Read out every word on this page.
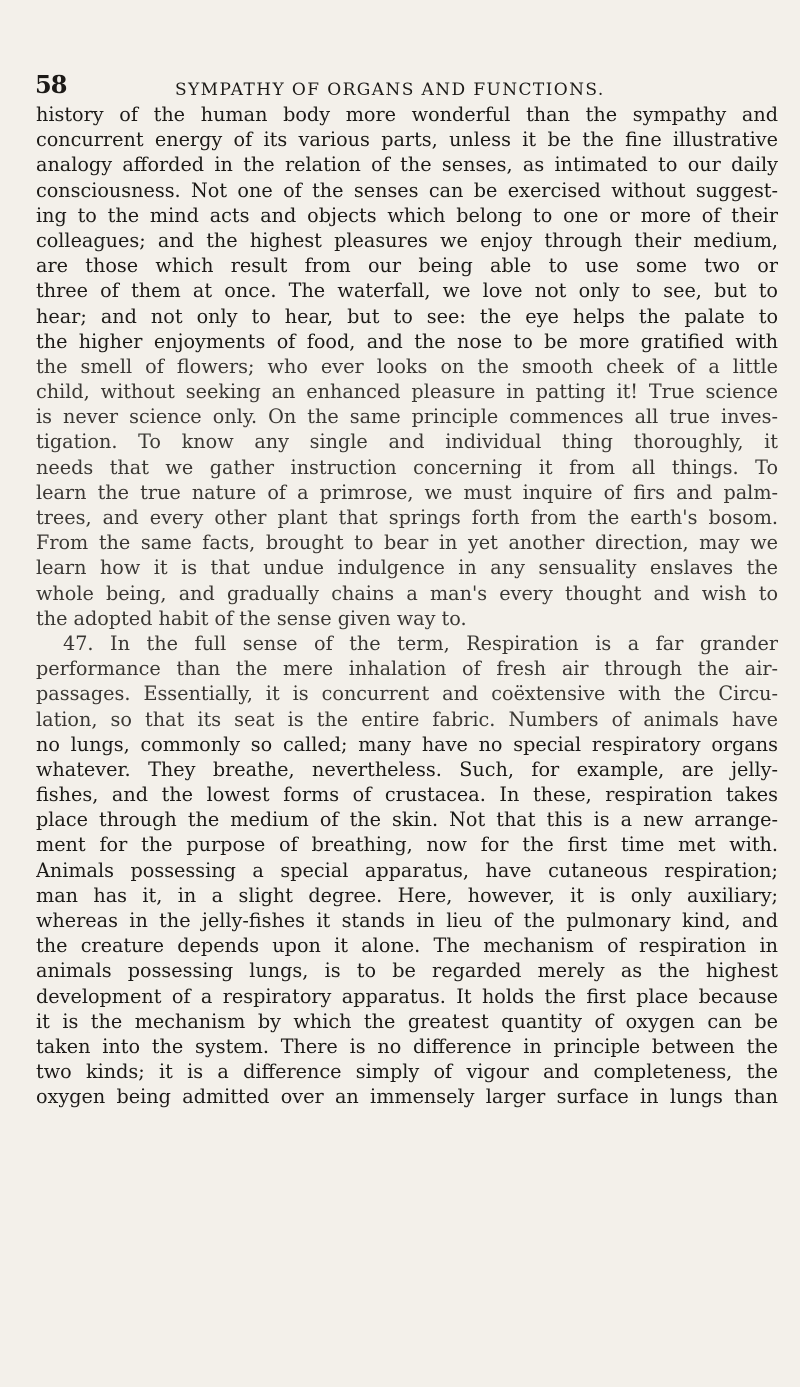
58	SYMPATHY OF ORGANS AND FUNCTIONS.
history of the human body more wonderful than the sympathy and
concurrent energy of its various parts, unless it be the fine illustrative
analogy afforded in the relation of the senses, as intimated to our daily
consciousness. Not one of the senses can be exercised without suggest-
ing to the mind acts and objects which belong to one or more of their
colleagues; and the highest pleasures we enjoy through their medium,
are those which result from our being able to use some two or
three of them at once. The waterfall, we love not only to see, but to
hear; and not only to hear, but to see: the eye helps the palate to
the higher enjoyments of food, and the nose to be more gratified with
the smell of flowers; who ever looks on the smooth cheek of a little
child, without seeking an enhanced pleasure in patting it! True science
is never science only. On the same principle commences all true inves-
tigation. To know any single and individual thing thoroughly, it
needs that we gather instruction concerning it from all things. To
learn the true nature of a primrose, we must inquire of firs and palm-
trees, and every other plant that springs forth from the earth's bosom.
From the same facts, brought to bear in yet another direction, may we
learn how it is that undue indulgence in any sensuality enslaves the
whole being, and gradually chains a man's every thought and wish to
the adopted habit of the sense given way to.
47. In the full sense of the term, Respiration is a far grander
performance than the mere inhalation of fresh air through the air-
passages. Essentially, it is concurrent and coëxtensive with the Circu-
lation, so that its seat is the entire fabric. Numbers of animals have
no lungs, commonly so called; many have no special respiratory organs
whatever. They breathe, nevertheless. Such, for example, are jelly-
fishes, and the lowest forms of crustacea. In these, respiration takes
place through the medium of the skin. Not that this is a new arrange-
ment for the purpose of breathing, now for the first time met with.
Animals possessing a special apparatus, have cutaneous respiration;
man has it, in a slight degree. Here, however, it is only auxiliary;
whereas in the jelly-fishes it stands in lieu of the pulmonary kind, and
the creature depends upon it alone. The mechanism of respiration in
animals possessing lungs, is to be regarded merely as the highest
development of a respiratory apparatus. It holds the first place because
it is the mechanism by which the greatest quantity of oxygen can be
taken into the system. There is no difference in principle between the
two kinds; it is a difference simply of vigour and completeness, the
oxygen being admitted over an immensely larger surface in lungs than
